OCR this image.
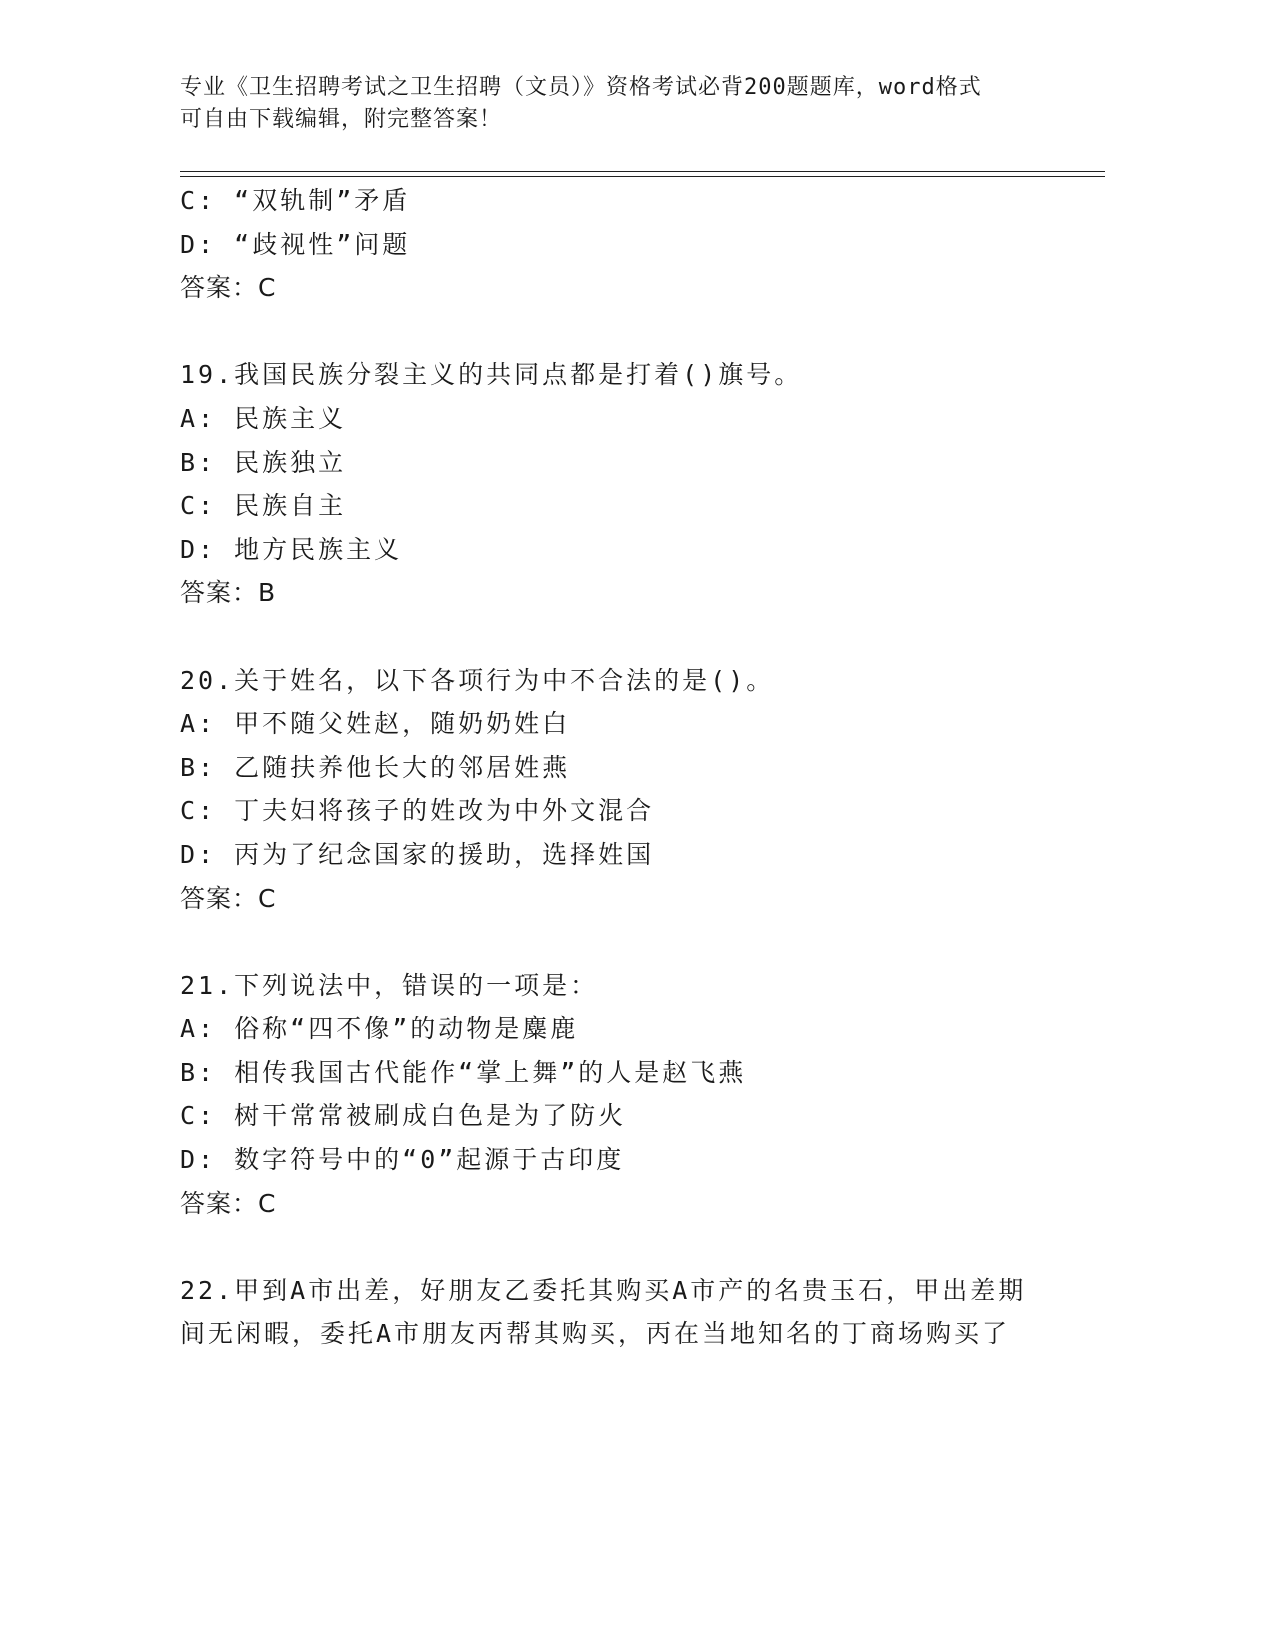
专业《卫生招聘考试之卫生招聘（文员）》资格考试必背200题题库，word格式
可自由下载编辑，附完整答案！
C: “双轨制”矛盾
D: “歧视性”问题
答案：C
19.我国民族分裂主义的共同点都是打着()旗号。
A: 民族主义
B: 民族独立
C: 民族自主
D: 地方民族主义
答案：B
20.关于姓名，以下各项行为中不合法的是()。
A: 甲不随父姓赵，随奶奶姓白
B: 乙随扶养他长大的邻居姓燕
C: 丁夫妇将孩子的姓改为中外文混合
D: 丙为了纪念国家的援助，选择姓国
答案：C
21.下列说法中，错误的一项是：
A: 俗称“四不像”的动物是麋鹿
B: 相传我国古代能作“掌上舞”的人是赵飞燕
C: 树干常常被刷成白色是为了防火
D: 数字符号中的“0”起源于古印度
答案：C
22.甲到A市出差，好朋友乙委托其购买A市产的名贵玉石，甲出差期
间无闲暇，委托A市朋友丙帮其购买，丙在当地知名的丁商场购买了
